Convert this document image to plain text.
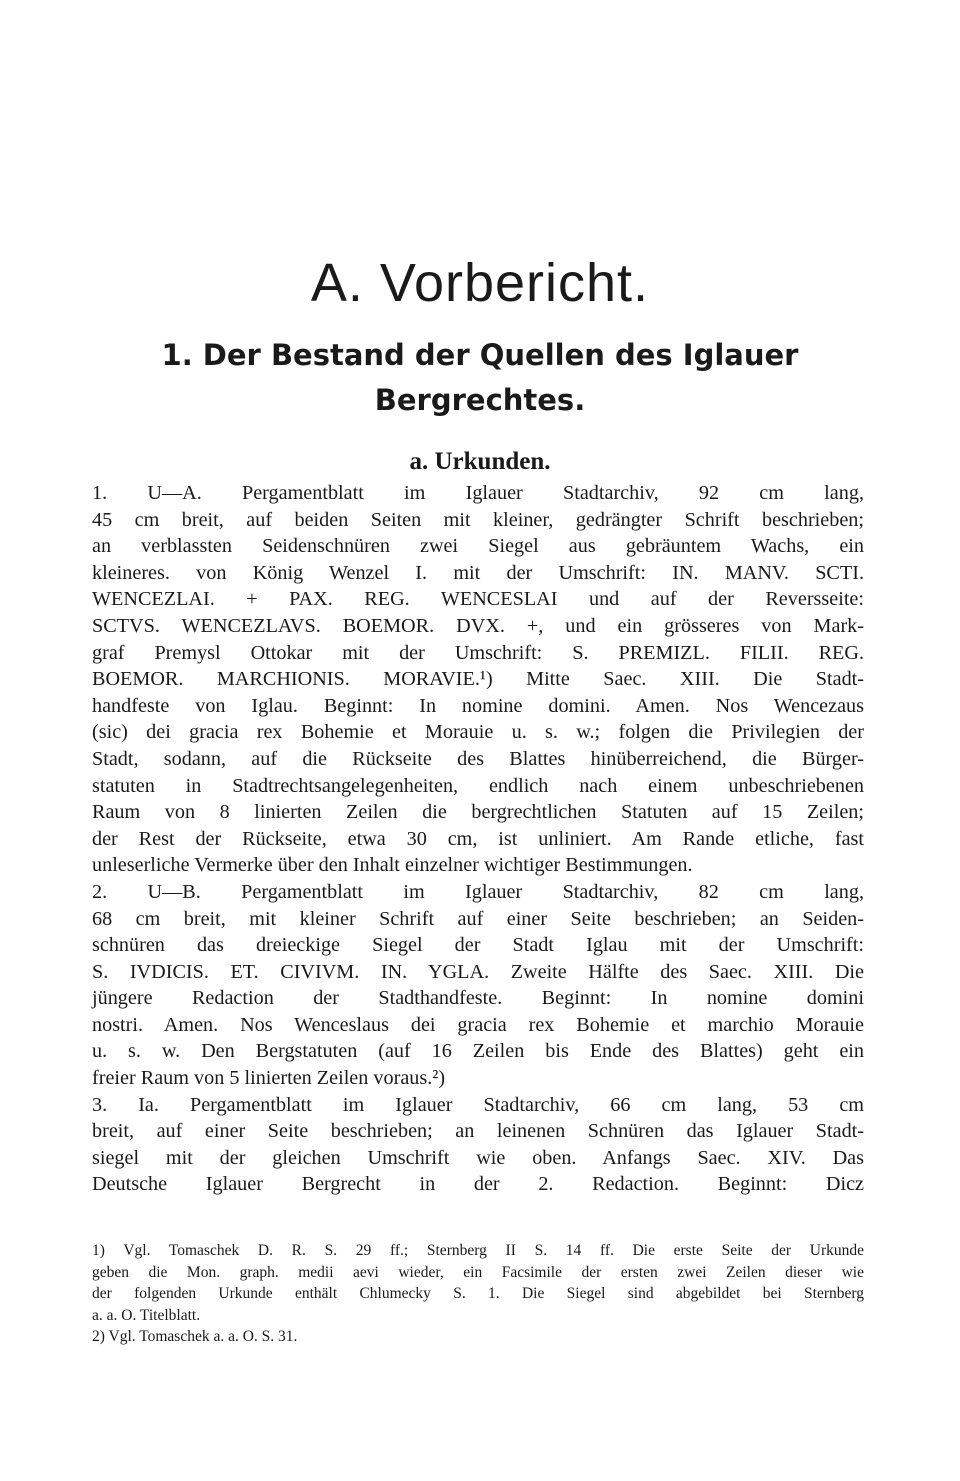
A. Vorbericht.
1. Der Bestand der Quellen des Iglauer
Bergrechtes.
a. Urkunden.
1. U—A. Pergamentblatt im Iglauer Stadtarchiv, 92 cm lang,
45 cm breit, auf beiden Seiten mit kleiner, gedrängter Schrift beschrieben;
an verblassten Seidenschnüren zwei Siegel aus gebräuntem Wachs, ein
kleineres. von König Wenzel I. mit der Umschrift: IN. MANV. SCTI.
WENCEZLAI. + PAX. REG. WENCESLAI und auf der Reversseite:
SCTVS. WENCEZLAVS. BOEMOR. DVX. +, und ein grösseres von Mark-
graf Premysl Ottokar mit der Umschrift: S. PREMIZL. FILII. REG.
BOEMOR. MARCHIONIS. MORAVIE.¹) Mitte Saec. XIII. Die Stadt-
handfeste von Iglau. Beginnt: In nomine domini. Amen. Nos Wencezaus
(sic) dei gracia rex Bohemie et Morauie u. s. w.; folgen die Privilegien der
Stadt, sodann, auf die Rückseite des Blattes hinüberreichend, die Bürger-
statuten in Stadtrechtsangelegenheiten, endlich nach einem unbeschriebenen
Raum von 8 linierten Zeilen die bergrechtlichen Statuten auf 15 Zeilen;
der Rest der Rückseite, etwa 30 cm, ist unliniert. Am Rande etliche, fast
unleserliche Vermerke über den Inhalt einzelner wichtiger Bestimmungen.
2. U—B. Pergamentblatt im Iglauer Stadtarchiv, 82 cm lang,
68 cm breit, mit kleiner Schrift auf einer Seite beschrieben; an Seiden-
schnüren das dreieckige Siegel der Stadt Iglau mit der Umschrift:
S. IVDICIS. ET. CIVIVM. IN. YGLA. Zweite Hälfte des Saec. XIII. Die
jüngere Redaction der Stadthandfeste. Beginnt: In nomine domini
nostri. Amen. Nos Wenceslaus dei gracia rex Bohemie et marchio Morauie
u. s. w. Den Bergstatuten (auf 16 Zeilen bis Ende des Blattes) geht ein
freier Raum von 5 linierten Zeilen voraus.²)
3. Ia. Pergamentblatt im Iglauer Stadtarchiv, 66 cm lang, 53 cm
breit, auf einer Seite beschrieben; an leinenen Schnüren das Iglauer Stadt-
siegel mit der gleichen Umschrift wie oben. Anfangs Saec. XIV. Das
Deutsche Iglauer Bergrecht in der 2. Redaction. Beginnt: Dicz
1) Vgl. Tomaschek D. R. S. 29 ff.; Sternberg II S. 14 ff. Die erste Seite der Urkunde
geben die Mon. graph. medii aevi wieder, ein Facsimile der ersten zwei Zeilen dieser wie
der folgenden Urkunde enthält Chlumecky S. 1. Die Siegel sind abgebildet bei Sternberg
a. a. O. Titelblatt.
2) Vgl. Tomaschek a. a. O. S. 31.
